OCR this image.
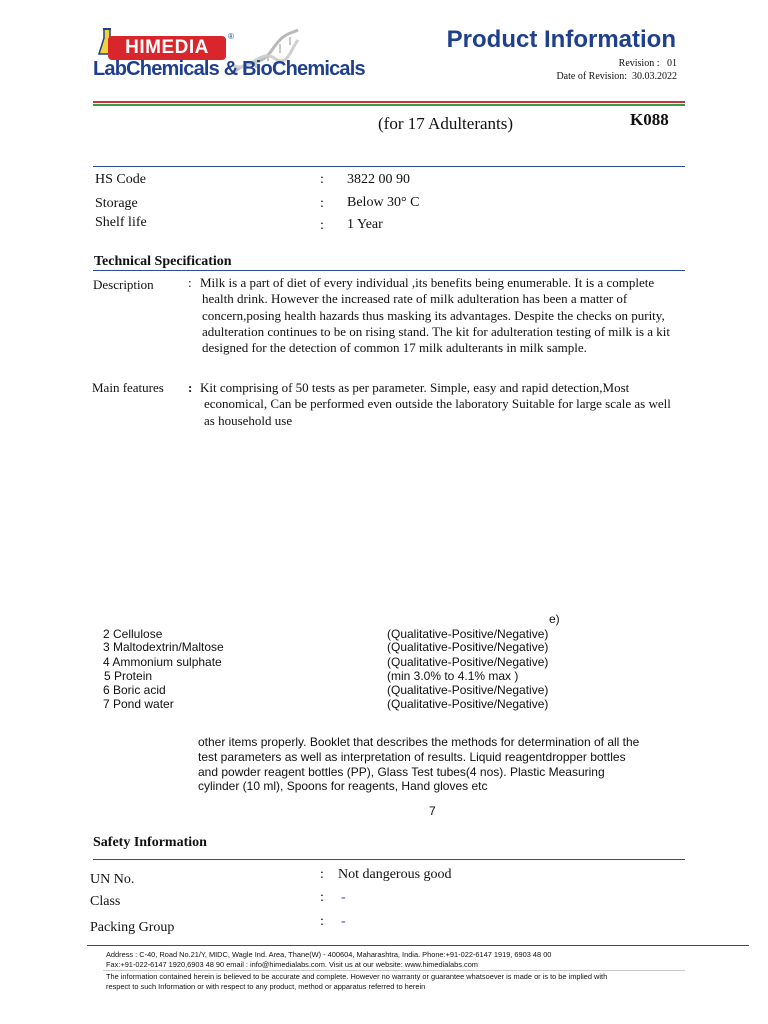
HIMEDIA
®
LabChemicals & BioChemicals
Product Information
Revision : 01
Date of Revision: 30.03.2022
(for 17 Adulterants)	K088
HS Code	: 3822 00 90
Storage	: Below 30° C
Shelf life	: 1 Year
Technical Specification
Description	: Milk is a part of diet of every individual ,its benefits being enumerable. It is a complete health drink. However the increased rate of milk adulteration has been a matter of concern,posing health hazards thus masking its advantages. Despite the checks on purity, adulteration continues to be on rising stand. The kit for adulteration testing of milk is a kit designed for the detection of common 17 milk adulterants in milk sample.
Main features : Kit comprising of 50 tests as per parameter. Simple, easy and rapid detection,Most economical, Can be performed even outside the laboratory Suitable for large scale as well as household use
e)
2 Cellulose	(Qualitative-Positive/Negative)
3 Maltodextrin/Maltose	(Qualitative-Positive/Negative)
4 Ammonium sulphate	(Qualitative-Positive/Negative)
5 Protein	(min 3.0% to 4.1% max )
6 Boric acid	(Qualitative-Positive/Negative)
7 Pond water	(Qualitative-Positive/Negative)
other items properly. Booklet that describes the methods for determination of all the
test parameters as well as interpretation of results. Liquid reagentdropper bottles
and powder reagent bottles (PP), Glass Test tubes(4 nos). Plastic Measuring
cylinder (10 ml), Spoons for reagents, Hand gloves etc
7
Safety Information
UN No.	: Not dangerous good
Class	: -
Packing Group	: -
Address : C-40, Road No.21/Y, MIDC, Wagle Ind. Area, Thane(W) - 400604, Maharashtra, India. Phone:+91-022-6147 1919, 6903 48 00
Fax:+91-022-6147 1920,6903 48 90 email : info@himedialabs.com. Visit us at our website: www.himedialabs.com
The information contained herein is believed to be accurate and complete. However no warranty or guarantee whatsoever is made or is to be implied with
respect to such Information or with respect to any product, method or apparatus referred to herein
